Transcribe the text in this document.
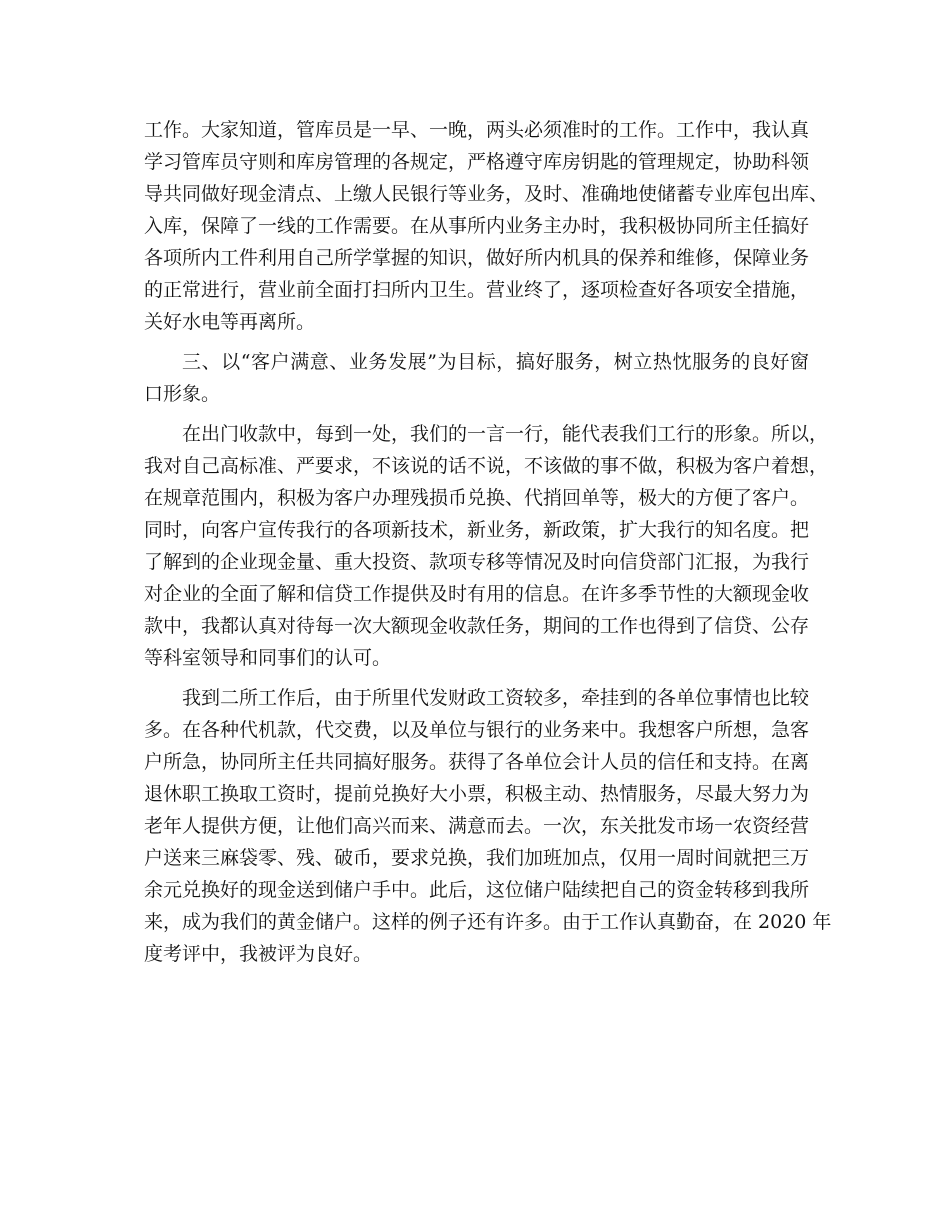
工作。大家知道，管库员是一早、一晚，两头必须准时的工作。工作中，我认真
学习管库员守则和库房管理的各规定，严格遵守库房钥匙的管理规定，协助科领
导共同做好现金清点、上缴人民银行等业务，及时、准确地使储蓄专业库包出库、
入库，保障了一线的工作需要。在从事所内业务主办时，我积极协同所主任搞好
各项所内工件利用自己所学掌握的知识，做好所内机具的保养和维修，保障业务
的正常进行，营业前全面打扫所内卫生。营业终了，逐项检查好各项安全措施，
关好水电等再离所。
三、以“客户满意、业务发展”为目标，搞好服务，树立热忱服务的良好窗
口形象。
在出门收款中，每到一处，我们的一言一行，能代表我们工行的形象。所以，
我对自己高标准、严要求，不该说的话不说，不该做的事不做，积极为客户着想，
在规章范围内，积极为客户办理残损币兑换、代捎回单等，极大的方便了客户。
同时，向客户宣传我行的各项新技术，新业务，新政策，扩大我行的知名度。把
了解到的企业现金量、重大投资、款项专移等情况及时向信贷部门汇报，为我行
对企业的全面了解和信贷工作提供及时有用的信息。在许多季节性的大额现金收
款中，我都认真对待每一次大额现金收款任务，期间的工作也得到了信贷、公存
等科室领导和同事们的认可。
我到二所工作后，由于所里代发财政工资较多，牵挂到的各单位事情也比较
多。在各种代机款，代交费，以及单位与银行的业务来中。我想客户所想，急客
户所急，协同所主任共同搞好服务。获得了各单位会计人员的信任和支持。在离
退休职工换取工资时，提前兑换好大小票，积极主动、热情服务，尽最大努力为
老年人提供方便，让他们高兴而来、满意而去。一次，东关批发市场一农资经营
户送来三麻袋零、残、破币，要求兑换，我们加班加点，仅用一周时间就把三万
余元兑换好的现金送到储户手中。此后，这位储户陆续把自己的资金转移到我所
来，成为我们的黄金储户。这样的例子还有许多。由于工作认真勤奋，在 2020 年
度考评中，我被评为良好。
